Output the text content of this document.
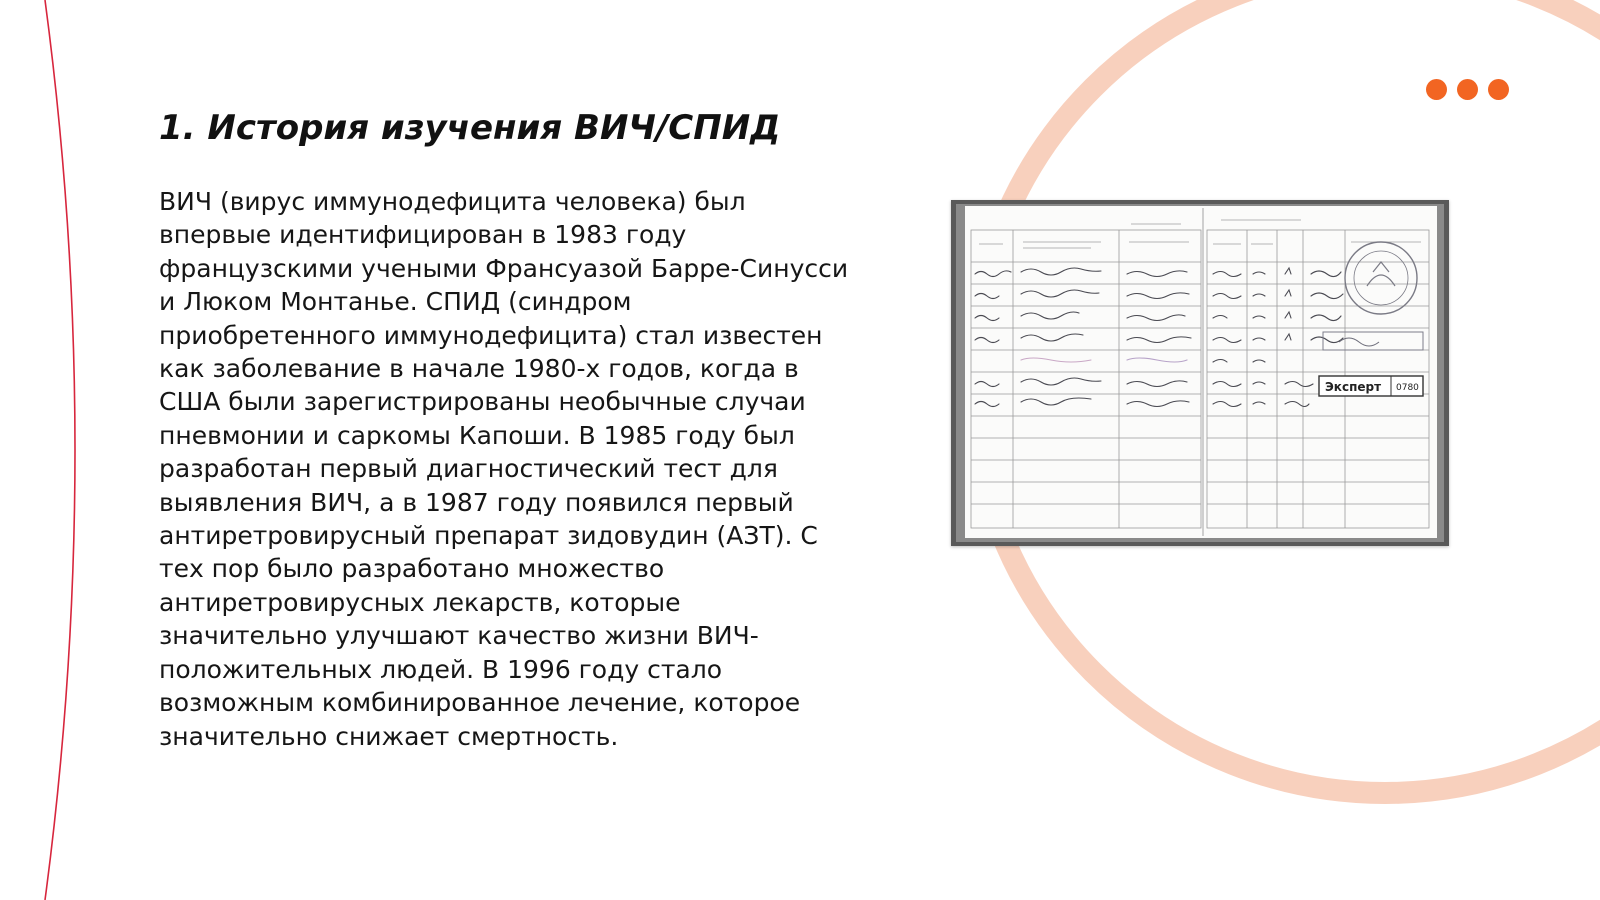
1. История изучения ВИЧ/СПИД

ВИЧ (вирус иммунодефицита человека) был впервые идентифицирован в 1983 году французскими учеными Франсуазой Барре-Синусси и Люком Монтанье. СПИД (синдром приобретенного иммунодефицита) стал известен как заболевание в начале 1980-х годов, когда в США были зарегистрированы необычные случаи пневмонии и саркомы Капоши. В 1985 году был разработан первый диагностический тест для выявления ВИЧ, а в 1987 году появился первый антиретровирусный препарат зидовудин (АЗТ). С тех пор было разработано множество антиретровирусных лекарств, которые значительно улучшают качество жизни ВИЧ-положительных людей. В 1996 году стало возможным комбинированное лечение, которое значительно снижает смертность.

Эксперт 0780
